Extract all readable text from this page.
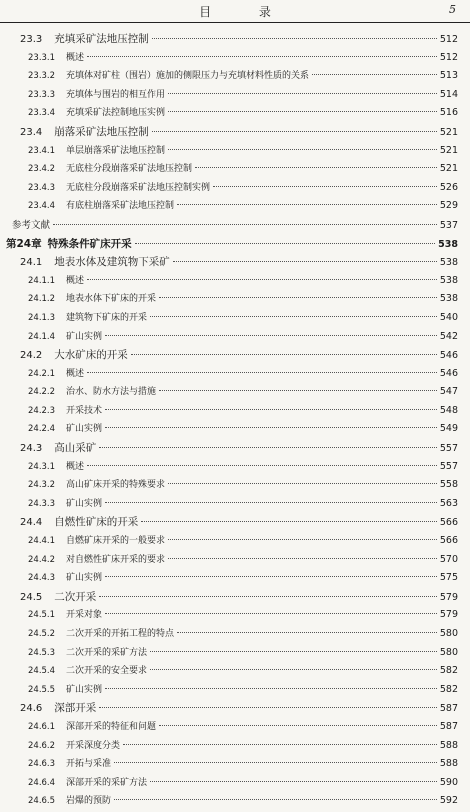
目 录	5
23.3 充填采矿法地压控制	512
23.3.1	概述	512
23.3.2	充填体对矿柱（围岩）施加的侧限压力与充填材料性质的关系	513
23.3.3	充填体与围岩的相互作用	514
23.3.4	充填采矿法控制地压实例	516
23.4 崩落采矿法地压控制	521
23.4.1	单层崩落采矿法地压控制	521
23.4.2	无底柱分段崩落采矿法地压控制	521
23.4.3	无底柱分段崩落采矿法地压控制实例	526
23.4.4	有底柱崩落采矿法地压控制	529
参考文献	537
第24章 特殊条件矿床开采	538
24.1 地表水体及建筑物下采矿	538
24.1.1	概述	538
24.1.2	地表水体下矿床的开采	538
24.1.3	建筑物下矿床的开采	540
24.1.4	矿山实例	542
24.2 大水矿床的开采	546
24.2.1	概述	546
24.2.2	治水、防水方法与措施	547
24.2.3	开采技术	548
24.2.4	矿山实例	549
24.3 高山采矿	557
24.3.1	概述	557
24.3.2	高山矿床开采的特殊要求	558
24.3.3	矿山实例	563
24.4 自燃性矿床的开采	566
24.4.1	自燃矿床开采的一般要求	566
24.4.2	对自燃性矿床开采的要求	570
24.4.3	矿山实例	575
24.5 二次开采	579
24.5.1	开采对象	579
24.5.2	二次开采的开拓工程的特点	580
24.5.3	二次开采的采矿方法	580
24.5.4	二次开采的安全要求	582
24.5.5	矿山实例	582
24.6 深部开采	587
24.6.1	深部开采的特征和问题	587
24.6.2	开采深度分类	588
24.6.3	开拓与采准	588
24.6.4	深部开采的采矿方法	590
24.6.5	岩爆的预防	592
